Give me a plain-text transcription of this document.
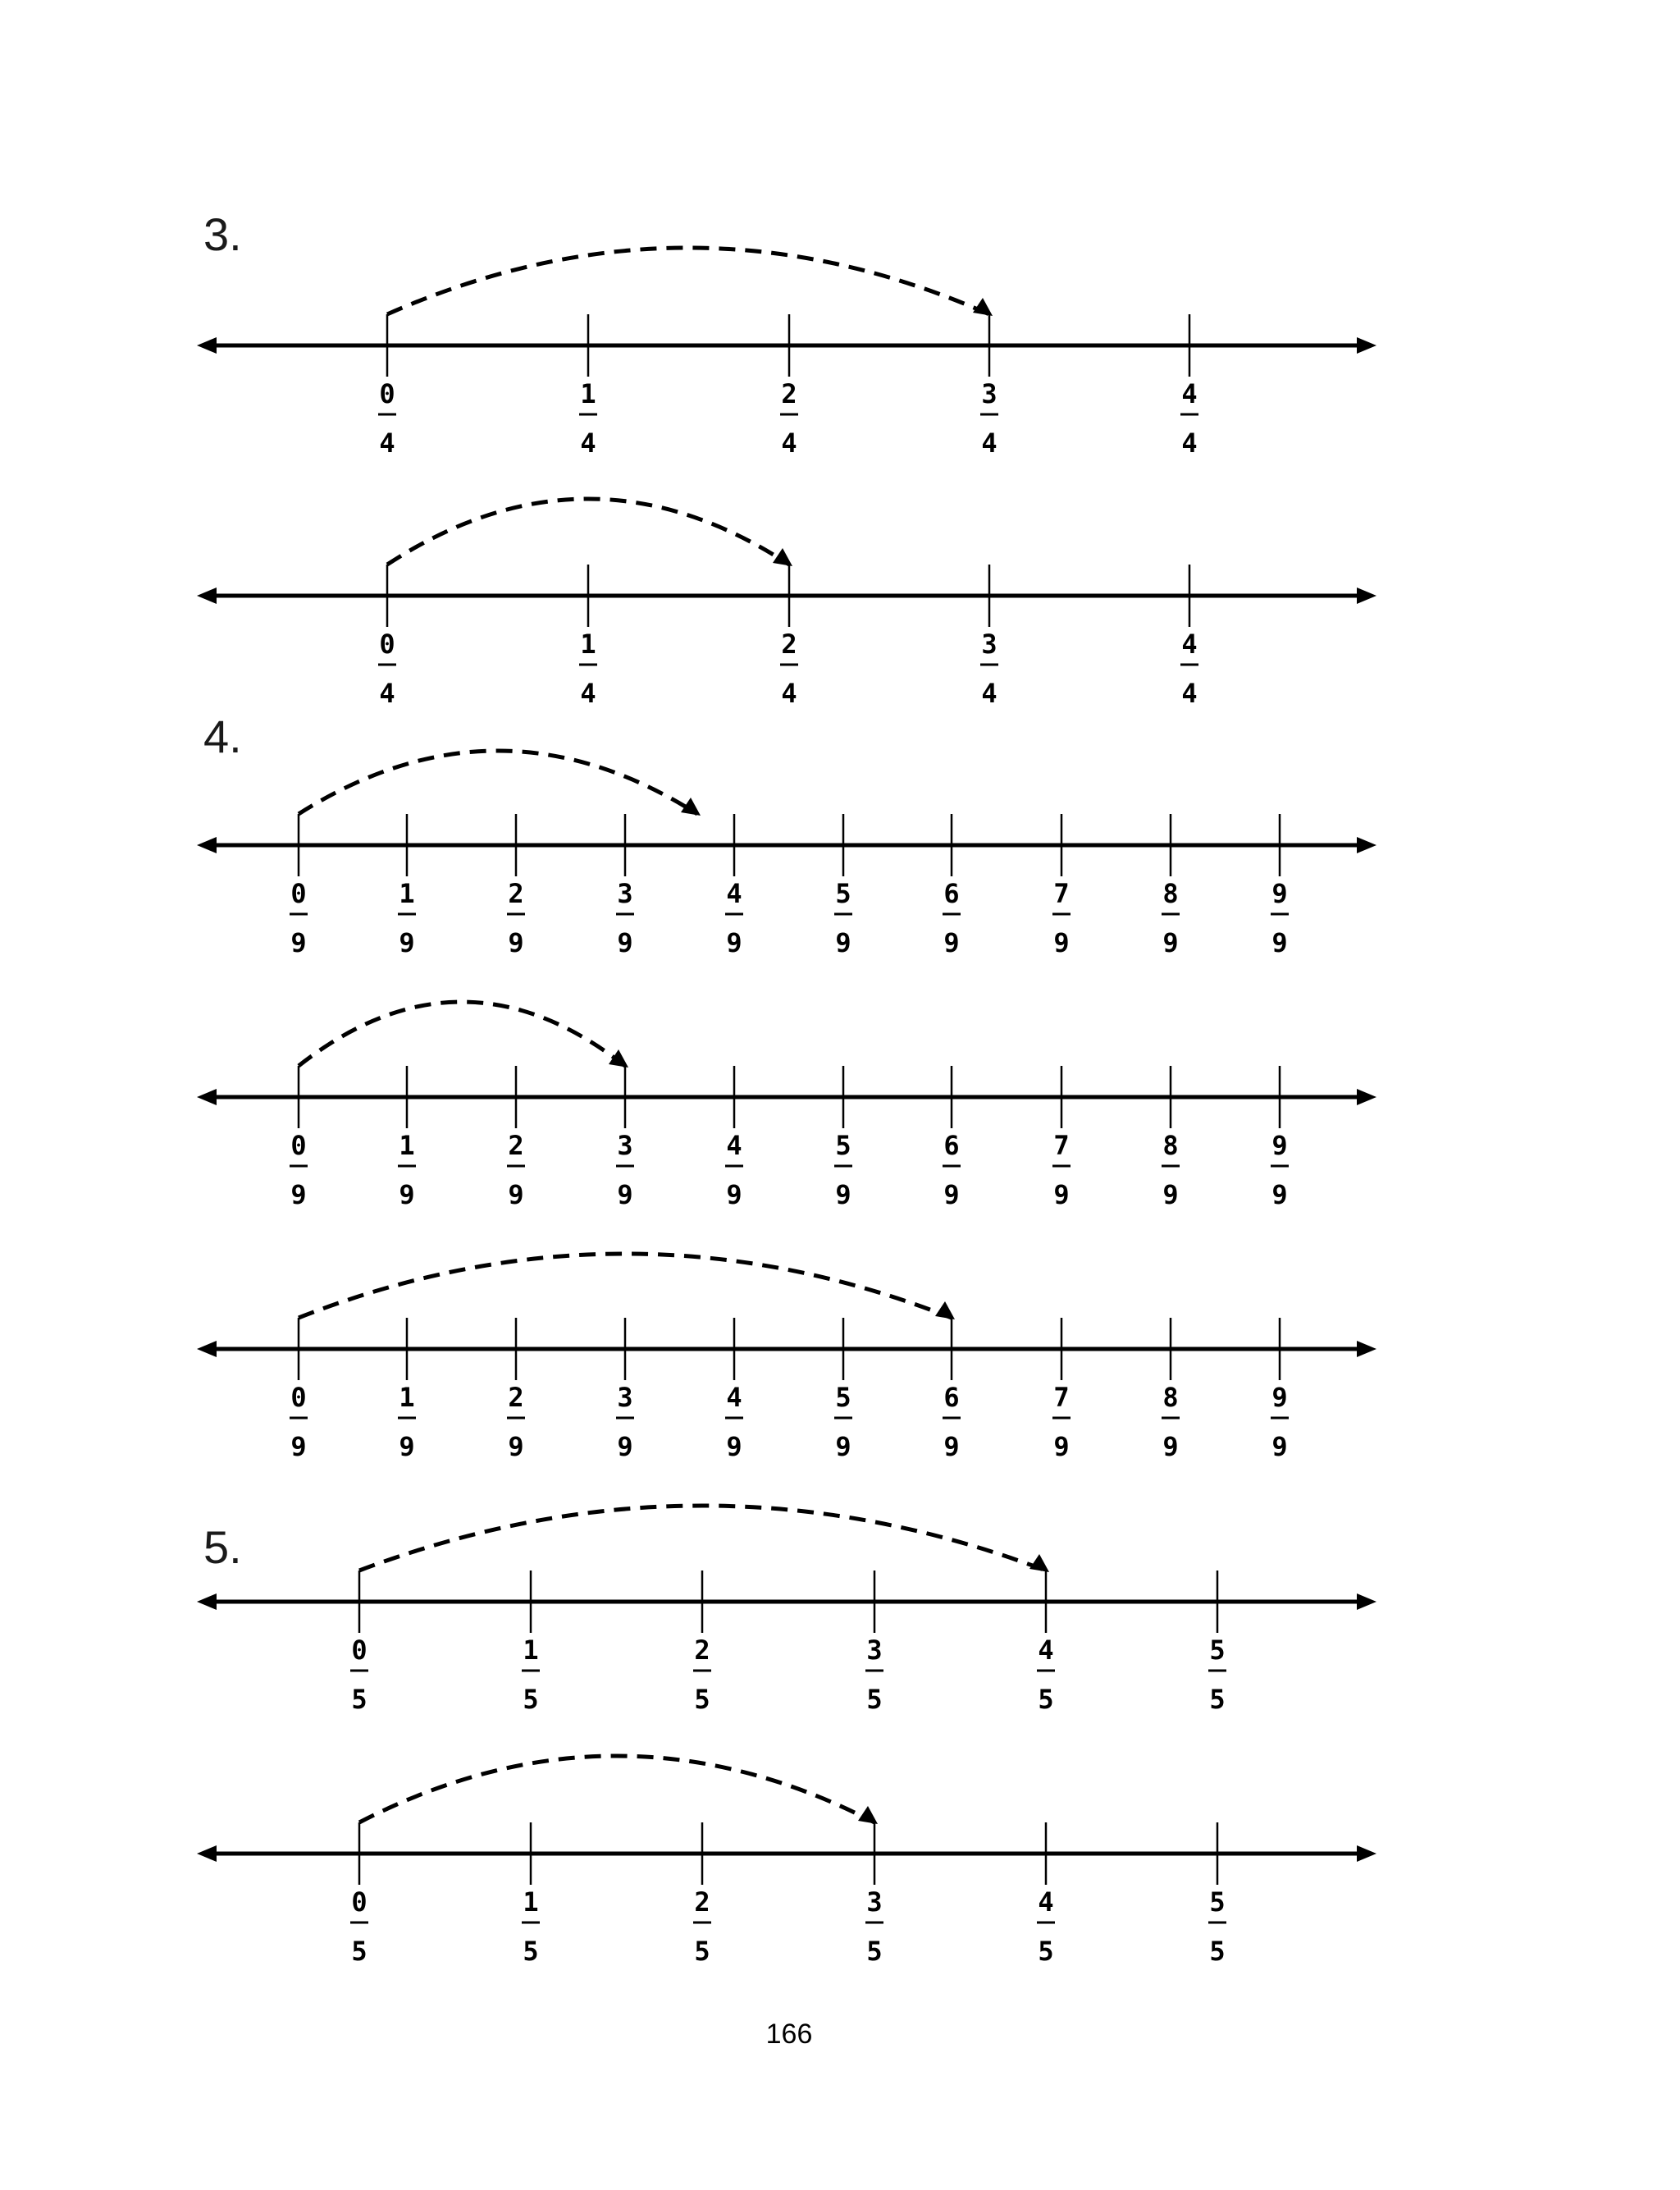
3.
4.
5.
0
4
1
4
2
4
3
4
4
4
0
4
1
4
2
4
3
4
4
4
0
9
1
9
2
9
3
9
4
9
5
9
6
9
7
9
8
9
9
9
0
9
1
9
2
9
3
9
4
9
5
9
6
9
7
9
8
9
9
9
0
9
1
9
2
9
3
9
4
9
5
9
6
9
7
9
8
9
9
9
0
5
1
5
2
5
3
5
4
5
5
5
0
5
1
5
2
5
3
5
4
5
5
5
166
